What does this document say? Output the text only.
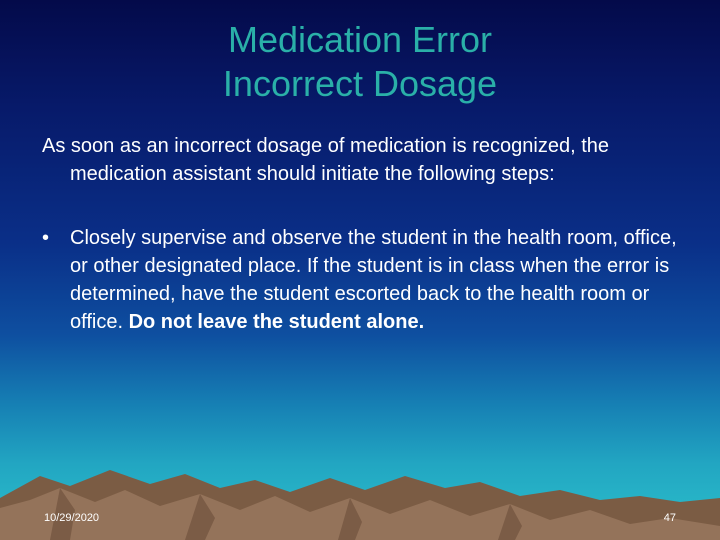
Medication Error
Incorrect Dosage

As soon as an incorrect dosage of medication is recognized, the medication assistant should initiate the following steps:

• Closely supervise and observe the student in the health room, office, or other designated place. If the student is in class when the error is determined, have the student escorted back to the health room or office. Do not leave the student alone.

10/29/2020	47
